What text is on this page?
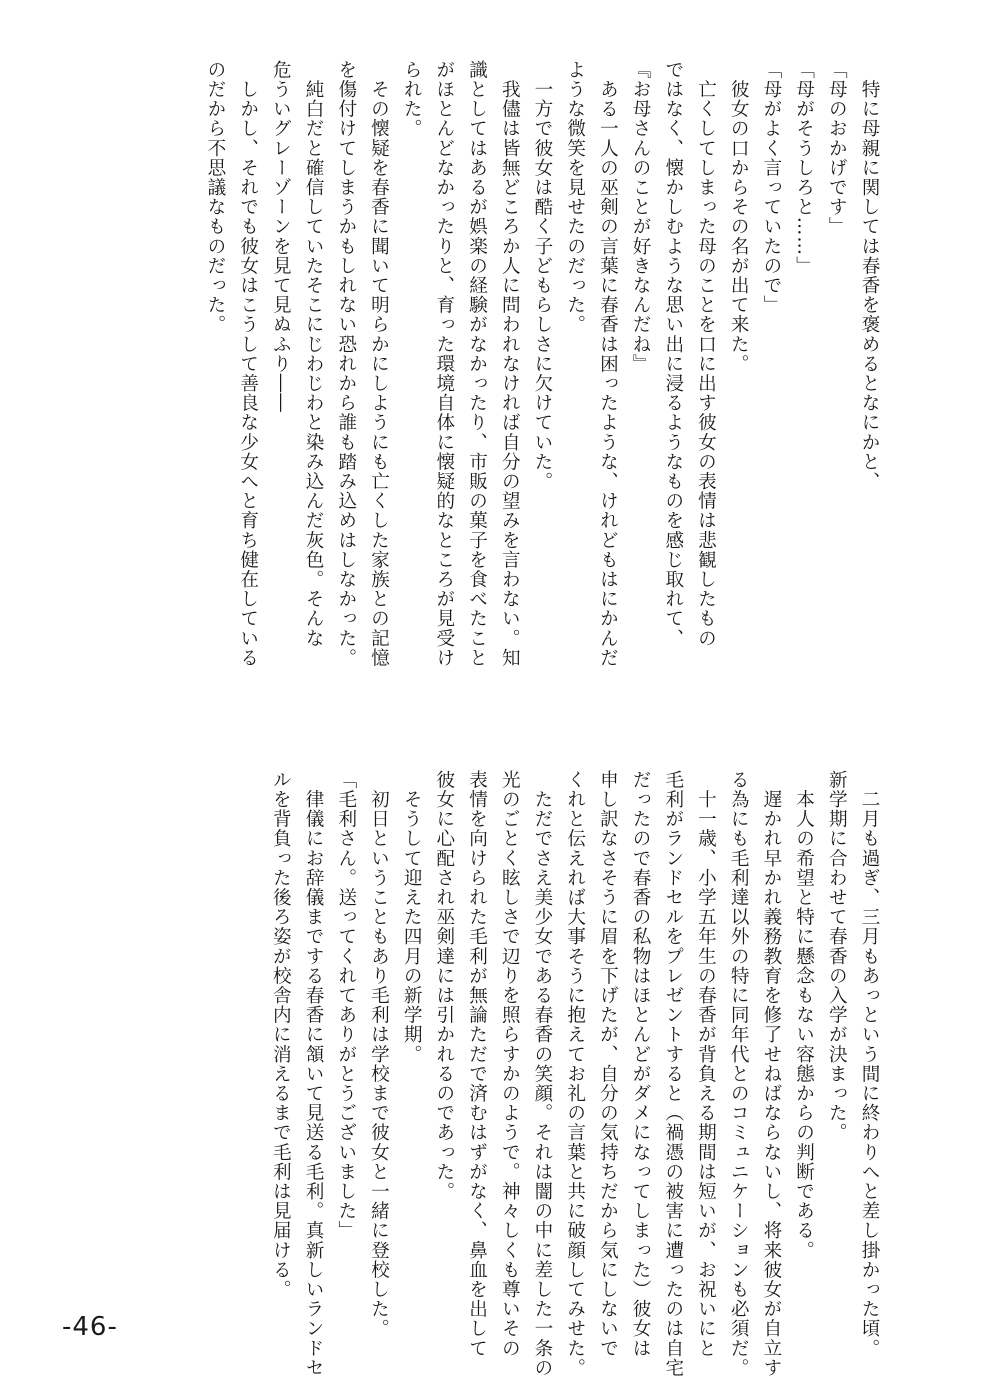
　特に母親に関しては春香を褒めるとなにかと、
「母のおかげです」
「母がそうしろと……」
「母がよく言っていたので」
　彼女の口からその名が出て来た。
　亡くしてしまった母のことを口に出す彼女の表情は悲観したもの
ではなく、懐かしむような思い出に浸るようなものを感じ取れて、
『お母さんのことが好きなんだね』
　ある一人の巫剣の言葉に春香は困ったような、けれどもはにかんだ
ような微笑を見せたのだった。
　一方で彼女は酷く子どもらしさに欠けていた。
　我儘は皆無どころか人に問われなければ自分の望みを言わない。知
識としてはあるが娯楽の経験がなかったり、市販の菓子を食べたこと
がほとんどなかったりと、育った環境自体に懐疑的なところが見受け
られた。
　その懐疑を春香に聞いて明らかにしようにも亡くした家族との記憶
を傷付けてしまうかもしれない恐れから誰も踏み込めはしなかった。
　純白だと確信していたそこにじわじわと染み込んだ灰色。そんな
危ういグレーゾーンを見て見ぬふり――
　しかし、それでも彼女はこうして善良な少女へと育ち健在している
のだから不思議なものだった。
　二月も過ぎ、三月もあっという間に終わりへと差し掛かった頃。
新学期に合わせて春香の入学が決まった。
　本人の希望と特に懸念もない容態からの判断である。
　遅かれ早かれ義務教育を修了せねばならないし、将来彼女が自立す
る為にも毛利達以外の特に同年代とのコミュニケーションも必須だ。
　十一歳、小学五年生の春香が背負える期間は短いが、お祝いにと
毛利がランドセルをプレゼントすると（禍憑の被害に遭ったのは自宅
だったので春香の私物はほとんどがダメになってしまった）彼女は
申し訳なさそうに眉を下げたが、自分の気持ちだから気にしないで
くれと伝えれば大事そうに抱えてお礼の言葉と共に破顔してみせた。
　ただでさえ美少女である春香の笑顔。それは闇の中に差した一条の
光のごとく眩しさで辺りを照らすかのようで。神々しくも尊いその
表情を向けられた毛利が無論ただで済むはずがなく、鼻血を出して
彼女に心配され巫剣達には引かれるのであった。
　そうして迎えた四月の新学期。
　初日ということもあり毛利は学校まで彼女と一緒に登校した。
「毛利さん。送ってくれてありがとうございました」
　律儀にお辞儀までする春香に頷いて見送る毛利。真新しいランドセ
ルを背負った後ろ姿が校舎内に消えるまで毛利は見届ける。
-46-
